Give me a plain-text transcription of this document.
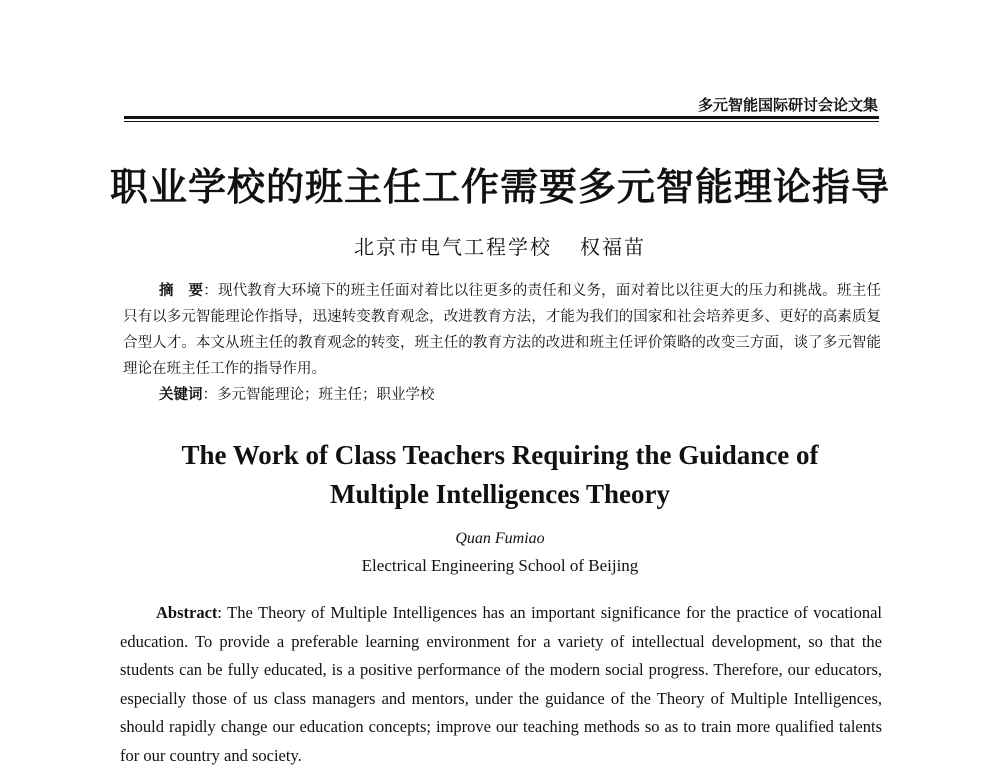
多元智能国际研讨会论文集
职业学校的班主任工作需要多元智能理论指导
北京市电气工程学校 权福苗

摘　要：现代教育大环境下的班主任面对着比以往更多的责任和义务，面对着比以往更大的压力和挑战。班主任只有以多元智能理论作指导，迅速转变教育观念，改进教育方法，才能为我们的国家和社会培养更多、更好的高素质复合型人才。本文从班主任的教育观念的转变，班主任的教育方法的改进和班主任评价策略的改变三方面，谈了多元智能理论在班主任工作的指导作用。

关键词：多元智能理论；班主任；职业学校

The Work of Class Teachers Requiring the Guidance of
Multiple Intelligences Theory
Quan Fumiao
Electrical Engineering School of Beijing

Abstract: The Theory of Multiple Intelligences has an important significance for the practice of vocational education. To provide a preferable learning environment for a variety of intellectual development, so that the students can be fully educated, is a positive performance of the modern social progress. Therefore, our educators, especially those of us class managers and mentors, under the guidance of the Theory of Multiple Intelligences, should rapidly change our education concepts; improve our teaching methods so as to train more qualified talents for our country and society.
